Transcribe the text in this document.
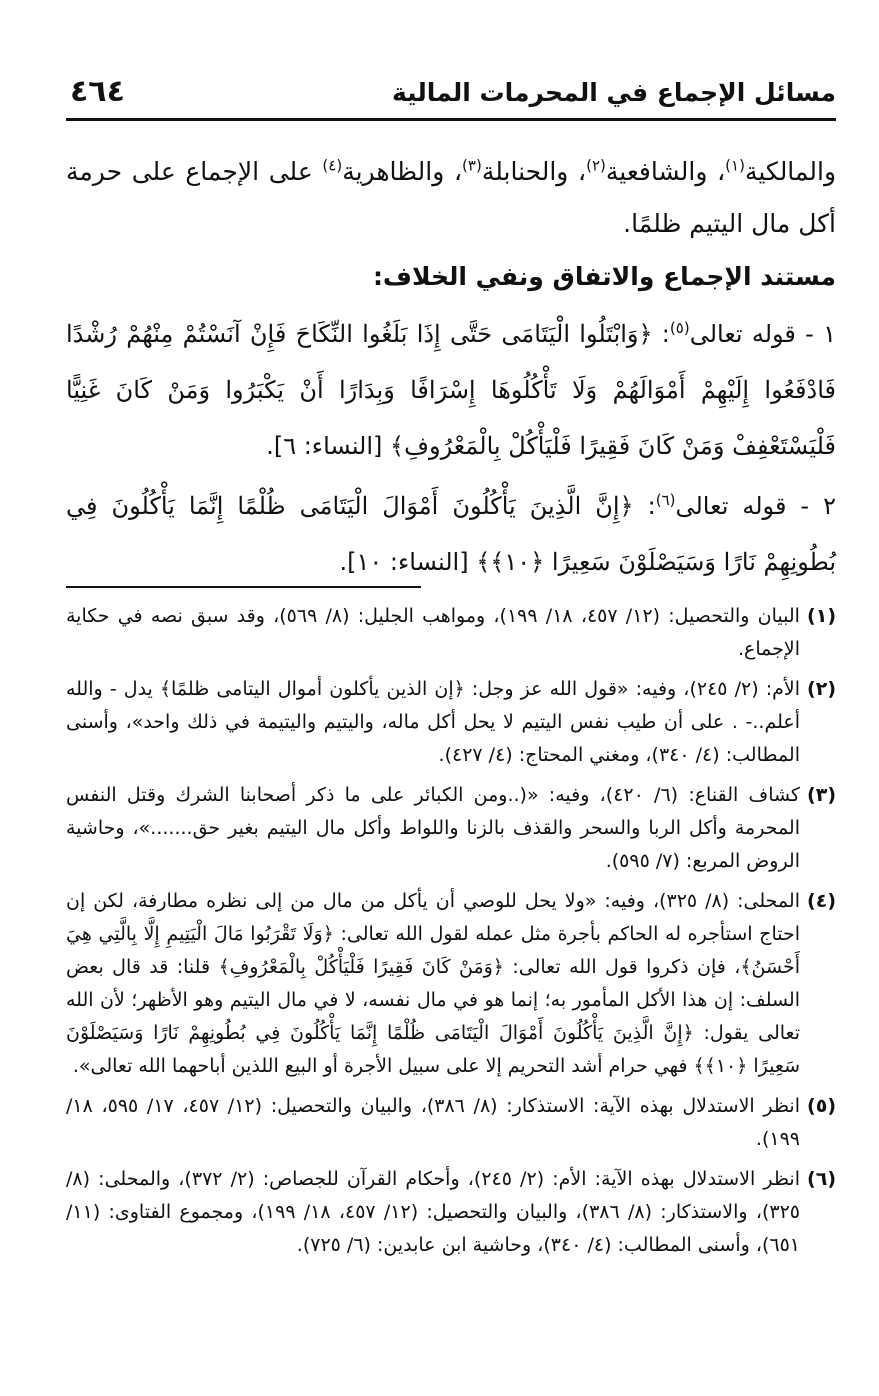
مسائل الإجماع في المحرمات المالية
٤٦٤

والمالكية$^{(١)}$، والشافعية$^{(٢)}$، والحنابلة$^{(٣)}$، والظاهرية$^{(٤)}$ على الإجماع على حرمة أكل مال اليتيم ظلمًا.

مستند الإجماع والاتفاق ونفي الخلاف:

١ - قوله تعالى$^{(٥)}$: ﴿وَابْتَلُوا الْيَتَامَى حَتَّى إِذَا بَلَغُوا النِّكَاحَ فَإِنْ آنَسْتُمْ مِنْهُمْ رُشْدًا فَادْفَعُوا إِلَيْهِمْ أَمْوَالَهُمْ وَلَا تَأْكُلُوهَا إِسْرَافًا وَبِدَارًا أَنْ يَكْبَرُوا وَمَنْ كَانَ غَنِيًّا فَلْيَسْتَعْفِفْ وَمَنْ كَانَ فَقِيرًا فَلْيَأْكُلْ بِالْمَعْرُوفِ﴾ [النساء: ٦].

٢ - قوله تعالى$^{(٦)}$: ﴿إِنَّ الَّذِينَ يَأْكُلُونَ أَمْوَالَ الْيَتَامَى ظُلْمًا إِنَّمَا يَأْكُلُونَ فِي بُطُونِهِمْ نَارًا وَسَيَصْلَوْنَ سَعِيرًا ﴿١٠﴾﴾ [النساء: ١٠].

(١)
البيان والتحصيل: (١٢/ ٤٥٧، ١٨/ ١٩٩)، ومواهب الجليل: (٨/ ٥٦٩)، وقد سبق نصه في حكاية الإجماع.
(٢)
الأم: (٢/ ٢٤٥)، وفيه: «قول الله عز وجل: ﴿إن الذين يأكلون أموال اليتامى ظلمًا﴾ يدل - والله أعلم..- . على أن طيب نفس اليتيم لا يحل أكل ماله، واليتيم واليتيمة في ذلك واحد»، وأسنى المطالب: (٤/ ٣٤٠)، ومغني المحتاج: (٤/ ٤٢٧).
(٣)
كشاف القناع: (٦/ ٤٢٠)، وفيه: «(..ومن الكبائر على ما ذكر أصحابنا الشرك وقتل النفس المحرمة وأكل الربا والسحر والقذف بالزنا واللواط وأكل مال اليتيم بغير حق.......»، وحاشية الروض المربع: (٧/ ٥٩٥).
(٤)
المحلى: (٨/ ٣٢٥)، وفيه: «ولا يحل للوصي أن يأكل من مال من إلى نظره مطارفة، لكن إن احتاج استأجره له الحاكم بأجرة مثل عمله لقول الله تعالى: ﴿وَلَا تَقْرَبُوا مَالَ الْيَتِيمِ إِلَّا بِالَّتِي هِيَ أَحْسَنُ﴾، فإن ذكروا قول الله تعالى: ﴿وَمَنْ كَانَ فَقِيرًا فَلْيَأْكُلْ بِالْمَعْرُوفِ﴾ قلنا: قد قال بعض السلف: إن هذا الأكل المأمور به؛ إنما هو في مال نفسه، لا في مال اليتيم وهو الأظهر؛ لأن الله تعالى يقول: ﴿إِنَّ الَّذِينَ يَأْكُلُونَ أَمْوَالَ الْيَتَامَى ظُلْمًا إِنَّمَا يَأْكُلُونَ فِي بُطُونِهِمْ نَارًا وَسَيَصْلَوْنَ سَعِيرًا ﴿١٠﴾﴾ فهي حرام أشد التحريم إلا على سبيل الأجرة أو البيع اللذين أباحهما الله تعالى».
(٥)
انظر الاستدلال بهذه الآية: الاستذكار: (٨/ ٣٨٦)، والبيان والتحصيل: (١٢/ ٤٥٧، ١٧/ ٥٩٥، ١٨/ ١٩٩).
(٦)
انظر الاستدلال بهذه الآية: الأم: (٢/ ٢٤٥)، وأحكام القرآن للجصاص: (٢/ ٣٧٢)، والمحلى: (٨/ ٣٢٥)، والاستذكار: (٨/ ٣٨٦)، والبيان والتحصيل: (١٢/ ٤٥٧، ١٨/ ١٩٩)، ومجموع الفتاوى: (١١/ ٦٥١)، وأسنى المطالب: (٤/ ٣٤٠)، وحاشية ابن عابدين: (٦/ ٧٢٥).
